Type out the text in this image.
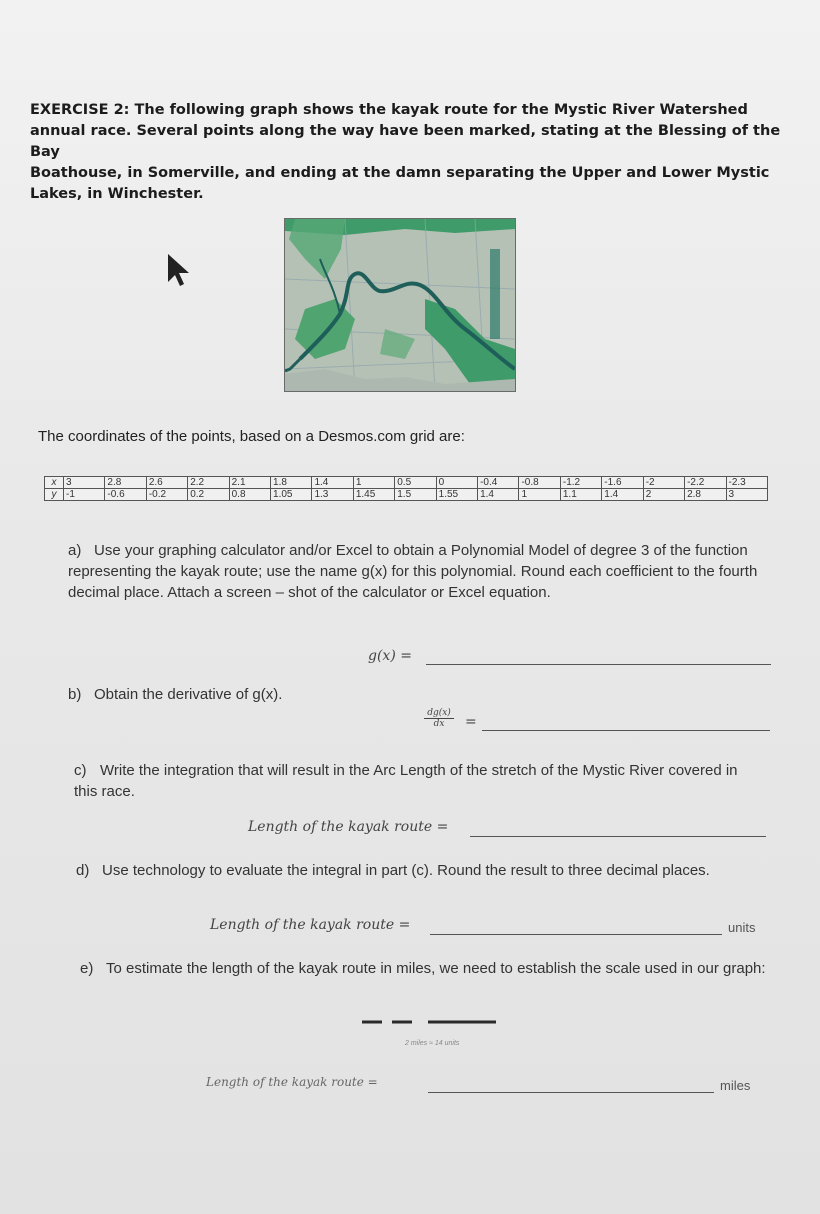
EXERCISE 2: The following graph shows the kayak route for the Mystic River Watershed
annual race. Several points along the way have been marked, stating at the Blessing of the Bay
Boathouse, in Somerville, and ending at the damn separating the Upper and Lower Mystic
Lakes, in Winchester.
The coordinates of the points, based on a Desmos.com grid are:
x	3	2.8	2.6	2.2	2.1	1.8	1.4	1	0.5	0	-0.4	-0.8	-1.2	-1.6	-2	-2.2	-2.3
y	-1	-0.6	-0.2	0.2	0.8	1.05	1.3	1.45	1.5	1.55	1.4	1	1.1	1.4	2	2.8	3
a) Use your graphing calculator and/or Excel to obtain a Polynomial Model of degree 3 of the function representing the kayak route; use the name g(x) for this polynomial. Round each coefficient to the fourth decimal place. Attach a screen – shot of the calculator or Excel equation.
g(x) =
b) Obtain the derivative of g(x).
$\frac{dg(x)}{dx}$ =
c) Write the integration that will result in the Arc Length of the stretch of the Mystic River covered in this race.
Length of the kayak route =
d) Use technology to evaluate the integral in part (c). Round the result to three decimal places.
Length of the kayak route =	units
e) To estimate the length of the kayak route in miles, we need to establish the scale used in our graph:
2 miles ≈ 14 units
Length of the kayak route =	miles
